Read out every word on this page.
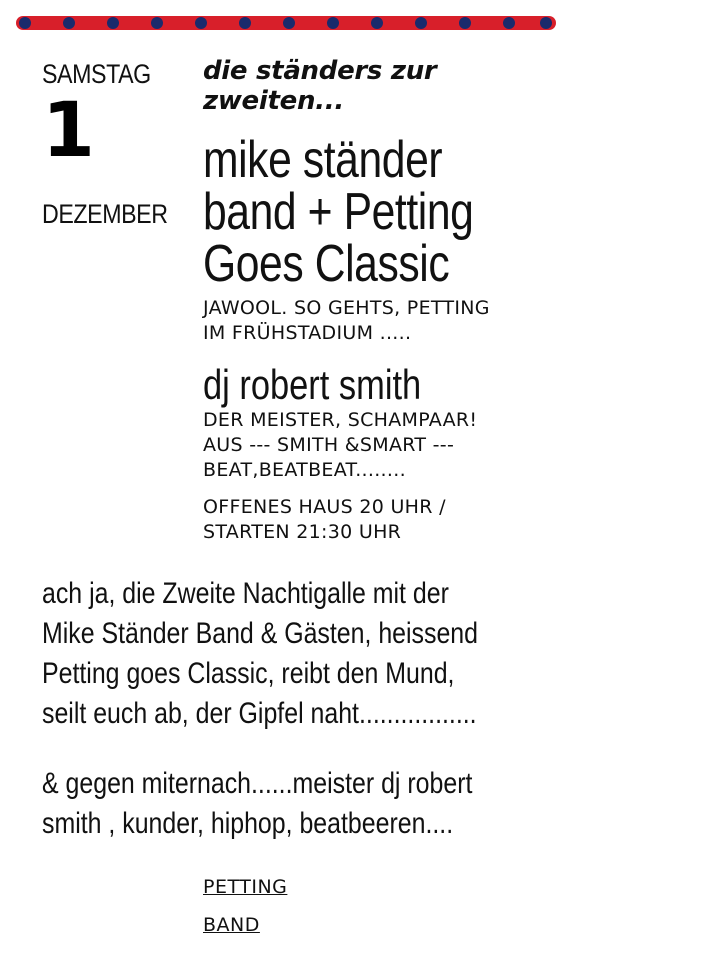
SAMSTAG
1
DEZEMBER
die ständers zur
zweiten...
mike ständer
band + Petting
Goes Classic
JAWOOL. SO GEHTS, PETTING
IM FRÜHSTADIUM .....
dj robert smith
DER MEISTER, SCHAMPAAR!
AUS --- SMITH &SMART ---
BEAT,BEATBEAT........
OFFENES HAUS 20 UHR /
STARTEN 21:30 UHR

ach ja, die Zweite Nachtigalle mit der

Mike Ständer Band & Gästen, heissend

Petting goes Classic, reibt den Mund,

seilt euch ab, der Gipfel naht.................

& gegen miternach......meister dj robert

smith , kunder, hiphop, beatbeeren....

PETTING
BAND
